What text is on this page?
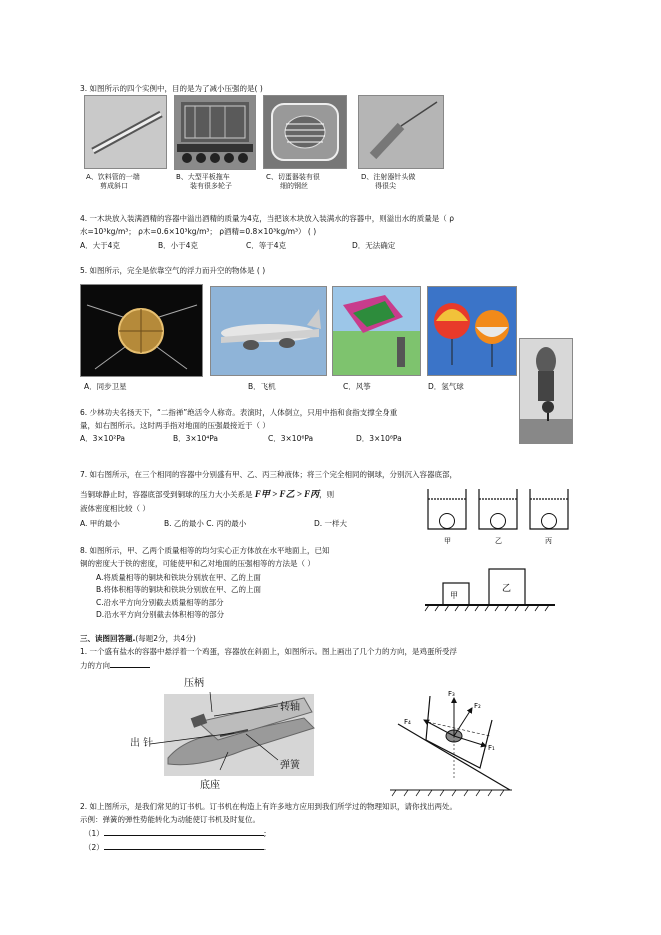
3. 如图所示的四个实例中，目的是为了减小压强的是( )
A、饮料管的一端
剪成斜口
B、大型平板拖车
装有很多轮子
C、切蛋器装有很
细的钢丝
D、注射器针头做
得很尖
4. 一木块放入装满酒精的容器中溢出酒精的质量为4克，当把该木块放入装满水的容器中，则溢出水的质量是（ ρ
水=10³kg/m³； ρ木=0.6×10³kg/m³； ρ酒精=0.8×10³kg/m³） ( )
A．大于4克	B．小于4克	C．等于4克	D．无法确定
5. 如图所示，完全是依靠空气的浮力而升空的物体是 ( )
A．同步卫星	B．飞机	C．风筝	D．氢气球
6. 少林功夫名扬天下，“二指禅”绝活令人称奇。表演时，人体倒立，只用中指和食指支撑全身重
量，如右图所示。这时两手指对地面的压强最接近于（ ）
A．3×10²Pa	B．3×10⁴Pa	C．3×10⁶Pa	D．3×10⁸Pa
7. 如右图所示，在三个相同的容器中分别盛有甲、乙、丙三种液体；将三个完全相同的铜球，分别沉入容器底部，
当铜球静止时，容器底部受到铜球的压力大小关系是 F甲 > F乙 > F丙，则
液体密度相比较（ ）
A. 甲的最小	B. 乙的最小 C. 丙的最小	D. 一样大
甲	乙	丙
8. 如图所示，甲、乙两个质量相等的均匀实心正方体放在水平地面上，已知
铜的密度大于铁的密度，可能使甲和乙对地面的压强相等的方法是（ ）
A.将质量相等的铜块和铁块分别放在甲、乙的上面
B.将体积相等的铜块和铁块分别放在甲、乙的上面
C.沿水平方向分别截去质量相等的部分
D.沿水平方向分别截去体积相等的部分
甲
乙
三、读图回答题.(每题2分，共4分)
1. 一个盛有盐水的容器中悬浮着一个鸡蛋，容器放在斜面上，如图所示。图上画出了几个力的方向，是鸡蛋所受浮
力的方向
压柄
转轴
出 针
弹簧
底座
F₃
F₂
F₄
F₁
2. 如上图所示，是我们常见的订书机。订书机在构造上有许多地方应用到我们所学过的物理知识，请你找出两处。
示例：弹簧的弹性势能转化为动能使订书机及时复位。
（1）	;
（2）	.
